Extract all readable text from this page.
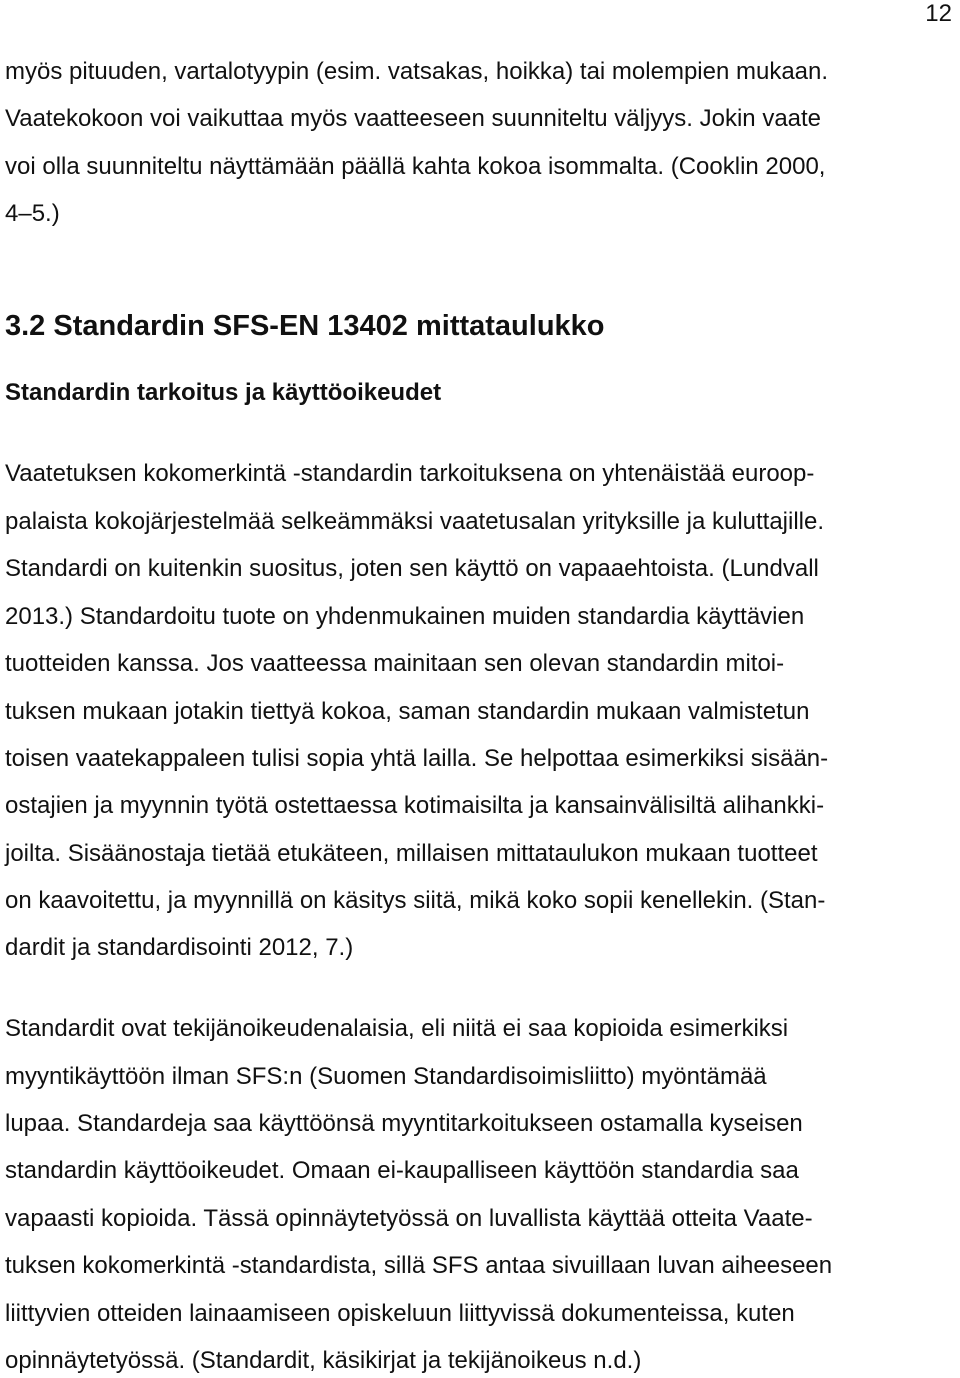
12
myös pituuden, vartalotyypin (esim. vatsakas, hoikka) tai molempien mukaan.
Vaatekokoon voi vaikuttaa myös vaatteeseen suunniteltu väljyys. Jokin vaate
voi olla suunniteltu näyttämään päällä kahta kokoa isommalta. (Cooklin 2000,
4–5.)
3.2 Standardin SFS-EN 13402 mittataulukko
Standardin tarkoitus ja käyttöoikeudet
Vaatetuksen kokomerkintä -standardin tarkoituksena on yhtenäistää euroop-
palaista kokojärjestelmää selkeämmäksi vaatetusalan yrityksille ja kuluttajille.
Standardi on kuitenkin suositus, joten sen käyttö on vapaaehtoista. (Lundvall
2013.) Standardoitu tuote on yhdenmukainen muiden standardia käyttävien
tuotteiden kanssa. Jos vaatteessa mainitaan sen olevan standardin mitoi-
tuksen mukaan jotakin tiettyä kokoa, saman standardin mukaan valmistetun
toisen vaatekappaleen tulisi sopia yhtä lailla. Se helpottaa esimerkiksi sisään-
ostajien ja myynnin työtä ostettaessa kotimaisilta ja kansainvälisiltä alihankki-
joilta. Sisäänostaja tietää etukäteen, millaisen mittataulukon mukaan tuotteet
on kaavoitettu, ja myynnillä on käsitys siitä, mikä koko sopii kenellekin. (Stan-
dardit ja standardisointi 2012, 7.)
Standardit ovat tekijänoikeudenalaisia, eli niitä ei saa kopioida esimerkiksi
myyntikäyttöön ilman SFS:n (Suomen Standardisoimisliitto) myöntämää
lupaa. Standardeja saa käyttöönsä myyntitarkoitukseen ostamalla kyseisen
standardin käyttöoikeudet. Omaan ei-kaupalliseen käyttöön standardia saa
vapaasti kopioida. Tässä opinnäytetyössä on luvallista käyttää otteita Vaate-
tuksen kokomerkintä -standardista, sillä SFS antaa sivuillaan luvan aiheeseen
liittyvien otteiden lainaamiseen opiskeluun liittyvissä dokumenteissa, kuten
opinnäytetyössä. (Standardit, käsikirjat ja tekijänoikeus n.d.)
